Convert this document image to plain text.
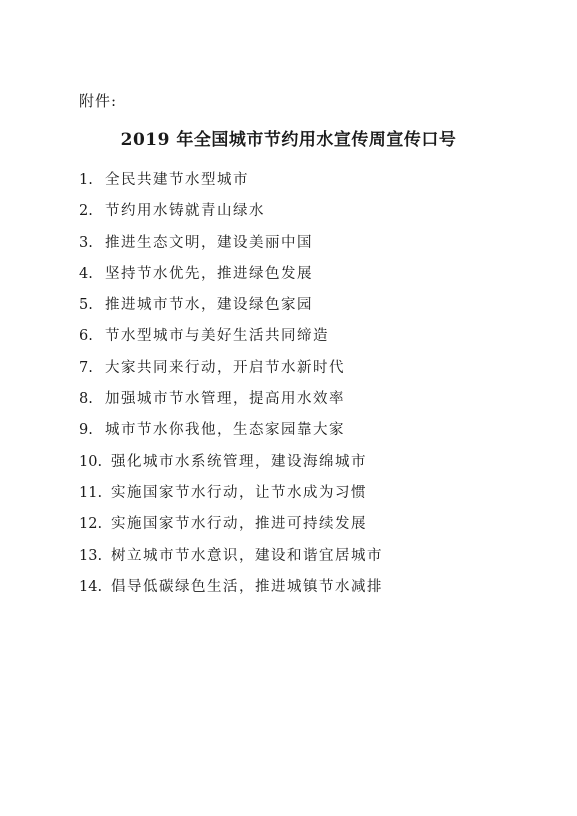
附件:
2019 年全国城市节约用水宣传周宣传口号
1. 全民共建节水型城市
2. 节约用水铸就青山绿水
3. 推进生态文明，建设美丽中国
4. 坚持节水优先，推进绿色发展
5. 推进城市节水，建设绿色家园
6. 节水型城市与美好生活共同缔造
7. 大家共同来行动，开启节水新时代
8. 加强城市节水管理，提高用水效率
9. 城市节水你我他，生态家园靠大家
10. 强化城市水系统管理，建设海绵城市
11. 实施国家节水行动，让节水成为习惯
12. 实施国家节水行动，推进可持续发展
13. 树立城市节水意识，建设和谐宜居城市
14. 倡导低碳绿色生活，推进城镇节水减排
